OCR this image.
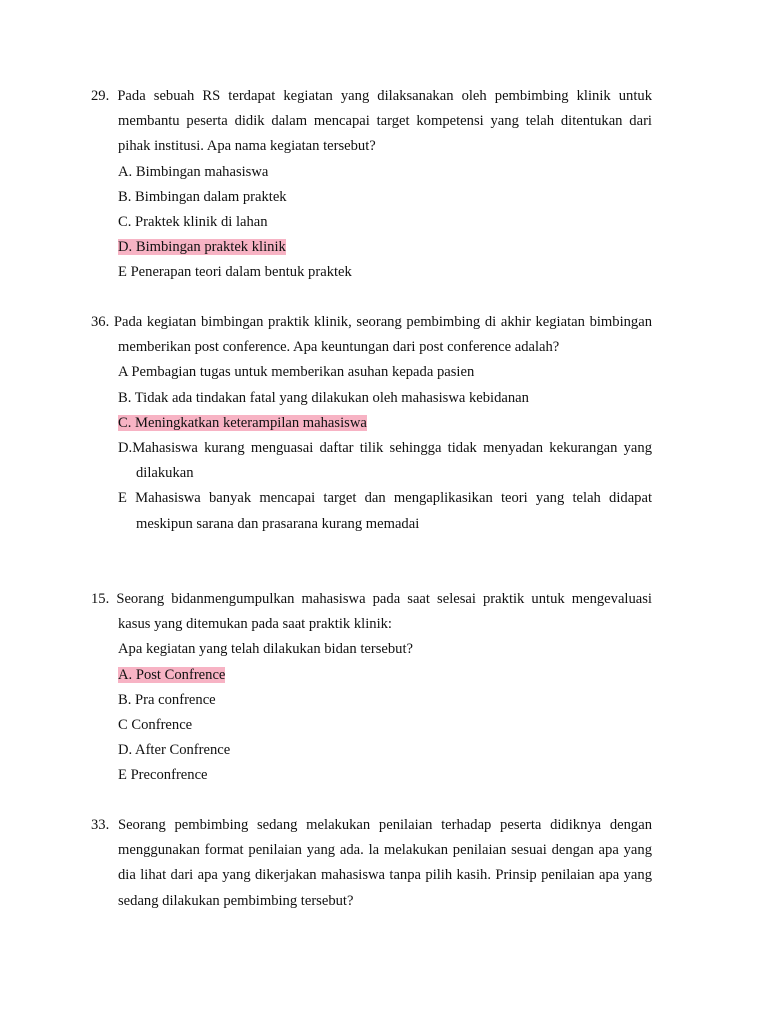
29. Pada sebuah RS terdapat kegiatan yang dilaksanakan oleh pembimbing klinik untuk membantu peserta didik dalam mencapai target kompetensi yang telah ditentukan dari pihak institusi. Apa nama kegiatan tersebut?

A. Bimbingan mahasiswa
B. Bimbingan dalam praktek
C. Praktek klinik di lahan
D. Bimbingan praktek klinik
E Penerapan teori dalam bentuk praktek

36. Pada kegiatan bimbingan praktik klinik, seorang pembimbing di akhir kegiatan bimbingan memberikan post conference. Apa keuntungan dari post conference adalah?

A Pembagian tugas untuk memberikan asuhan kepada pasien
B. Tidak ada tindakan fatal yang dilakukan oleh mahasiswa kebidanan
C. Meningkatkan keterampilan mahasiswa
D.Mahasiswa kurang menguasai daftar tilik sehingga tidak menyadan kekurangan yang dilakukan
E Mahasiswa banyak mencapai target dan mengaplikasikan teori yang telah didapat meskipun sarana dan prasarana kurang memadai

15. Seorang bidanmengumpulkan mahasiswa pada saat selesai praktik untuk mengevaluasi kasus yang ditemukan pada saat praktik klinik:

Apa kegiatan yang telah dilakukan bidan tersebut?

A. Post Confrence
B. Pra confrence
C Confrence
D. After Confrence
E Preconfrence

33. Seorang pembimbing sedang melakukan penilaian terhadap peserta didiknya dengan menggunakan format penilaian yang ada. la melakukan penilaian sesuai dengan apa yang dia lihat dari apa yang dikerjakan mahasiswa tanpa pilih kasih. Prinsip penilaian apa yang sedang dilakukan pembimbing tersebut?
